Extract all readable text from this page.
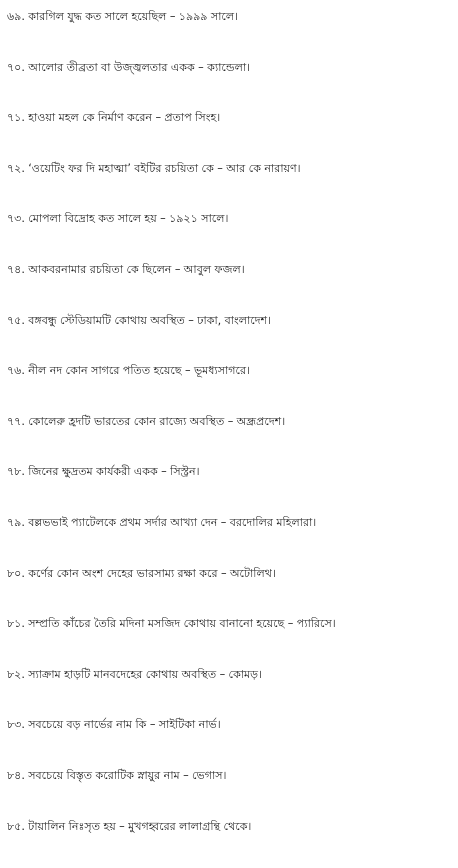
৬৯. কারগিল যুদ্ধ কত সালে হয়েছিল – ১৯৯৯ সালে।
৭০. আলোর তীব্রতা বা উজ্জ্বলতার একক – ক্যান্ডেলা।
৭১. হাওয়া মহল কে নির্মাণ করেন – প্রতাপ সিংহ।
৭২. ‘ওয়েটিং ফর দি মহাত্মা’ বইটির রচয়িতা কে – আর কে নারায়ণ।
৭৩. মোপলা বিদ্রোহ কত সালে হয় – ১৯২১ সালে।
৭৪. আকবরনামার রচয়িতা কে ছিলেন – আবুল ফজল।
৭৫. বঙ্গবন্ধু স্টেডিয়ামটি কোথায় অবস্থিত – ঢাকা, বাংলাদেশ।
৭৬. নীল নদ কোন সাগরে পতিত হয়েছে – ভূমধ্যসাগরে।
৭৭. কোলেরু হ্রদটি ভারতের কোন রাজ্যে অবস্থিত – অন্ধ্রপ্রদেশ।
৭৮. জিনের ক্ষুদ্রতম কার্যকরী একক – সিস্ট্রন।
৭৯. বল্লভভাই প্যাটেলকে প্রথম সর্দার আখ্যা দেন – বরদোলির মহিলারা।
৮০. কর্ণের কোন অংশ দেহের ভারসাম্য রক্ষা করে – অটোলিথ।
৮১. সম্প্রতি কাঁচের তৈরি মদিনা মসজিদ কোথায় বানানো হয়েছে – প্যারিসে।
৮২. স্যাক্রাম হাড়টি মানবদেহের কোথায় অবস্থিত – কোমড়।
৮৩. সবচেয়ে বড় নার্ভের নাম কি – সাইটিকা নার্ভ।
৮৪. সবচেয়ে বিস্তৃত করোটিক স্নায়ুর নাম – ভেগাস।
৮৫. টায়ালিন নিঃসৃত হয় – মুখগহ্বরের লালাগ্রন্থি থেকে।
